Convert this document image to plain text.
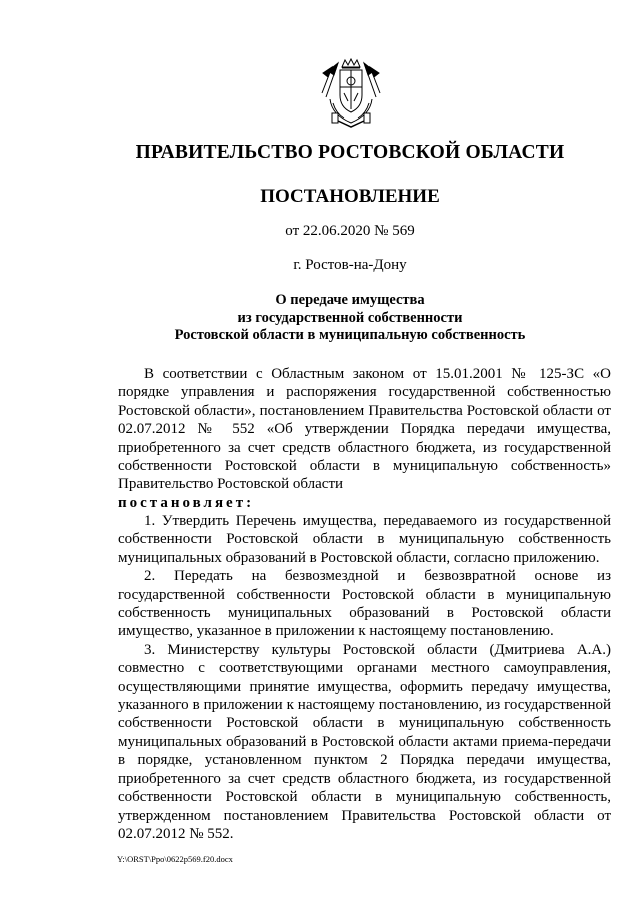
ПРАВИТЕЛЬСТВО РОСТОВСКОЙ ОБЛАСТИ

ПОСТАНОВЛЕНИЕ

от 22.06.2020 № 569

г. Ростов-на-Дону

О передаче имущества
из государственной собственности
Ростовской области в муниципальную собственность

В соответствии с Областным законом от 15.01.2001 № 125-ЗС «О порядке управления и распоряжения государственной собственностью Ростовской области», постановлением Правительства Ростовской области от 02.07.2012 № 552 «Об утверждении Порядка передачи имущества, приобретенного за счет средств областного бюджета, из государственной собственности Ростовской области в муниципальную собственность» Правительство Ростовской области

постановляет:

1. Утвердить Перечень имущества, передаваемого из государственной собственности Ростовской области в муниципальную собственность муниципальных образований в Ростовской области, согласно приложению.

2. Передать на безвозмездной и безвозвратной основе из государственной собственности Ростовской области в муниципальную собственность муниципальных образований в Ростовской области имущество, указанное в приложении к настоящему постановлению.

3. Министерству культуры Ростовской области (Дмитриева А.А.) совместно с соответствующими органами местного самоуправления, осуществляющими принятие имущества, оформить передачу имущества, указанного в приложении к настоящему постановлению, из государственной собственности Ростовской области в муниципальную собственность муниципальных образований в Ростовской области актами приема-передачи в порядке, установленном пунктом 2 Порядка передачи имущества, приобретенного за счет средств областного бюджета, из государственной собственности Ростовской области в муниципальную собственность, утвержденном постановлением Правительства Ростовской области от 02.07.2012 № 552.

Y:\ORST\Ppo\0622p569.f20.docx
